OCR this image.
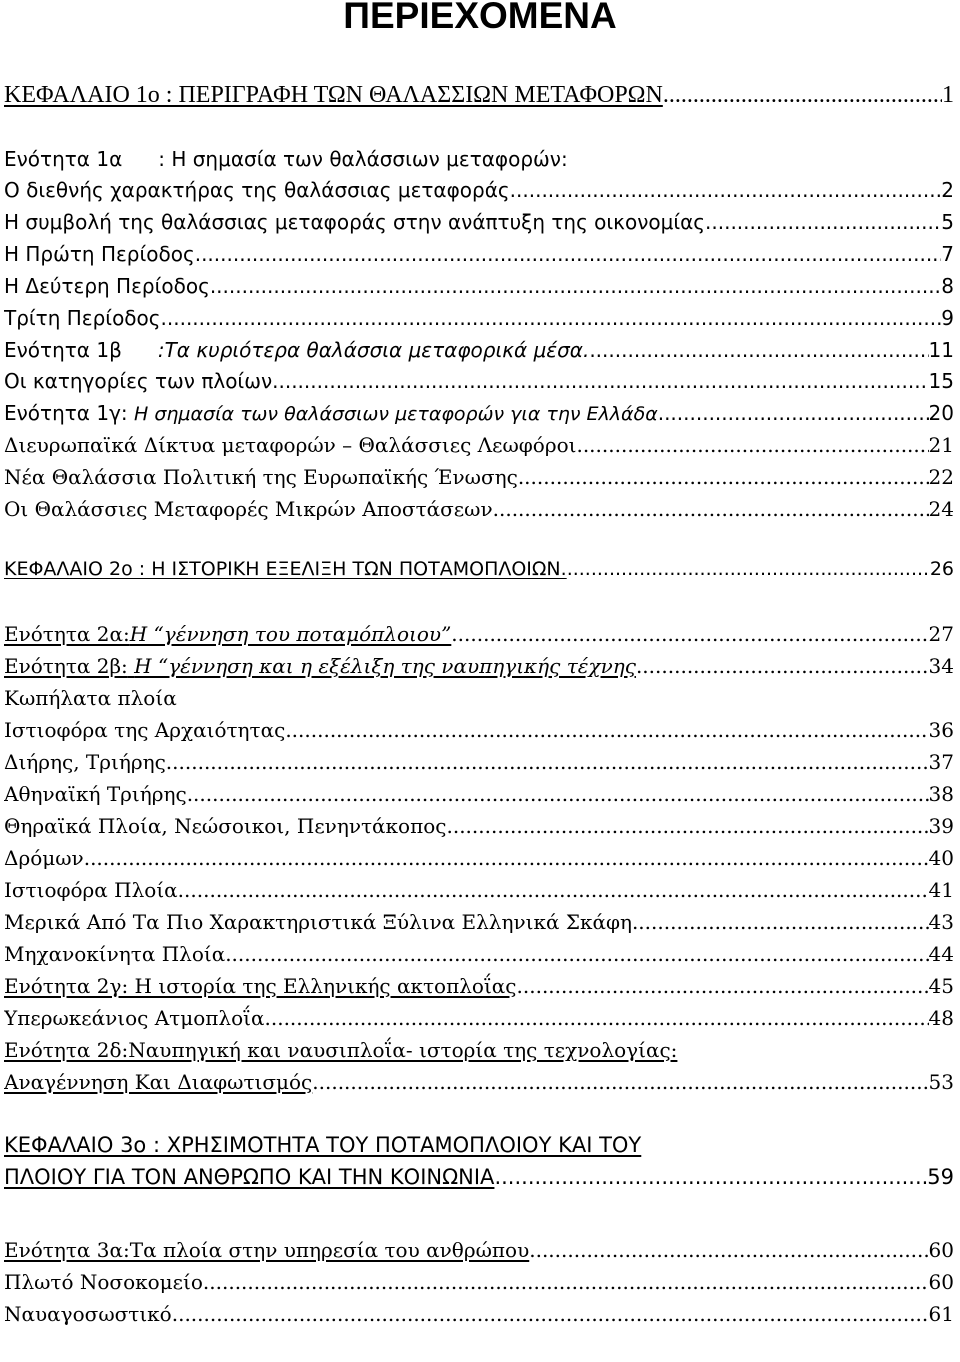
ΠΕΡΙΕΧΟΜΕΝΑ
ΚΕΦΑΛΑΙΟ 1ο : ΠΕΡΙΓΡΑΦΗ ΤΩΝ ΘΑΛΑΣΣΙΩΝ ΜΕΤΑΦΟΡΩΝ .....	1
Ενότητα 1α : Η σημασία των θαλάσσιων μεταφορών:
Ο διεθνής χαρακτήρας της θαλάσσιας μεταφοράς .....	2
Η συμβολή της θαλάσσιας μεταφοράς στην ανάπτυξη της οικονομίας .....	5
Η Πρώτη Περίοδος .....	7
Η Δεύτερη Περίοδος .....	8
Τρίτη Περίοδος .....	9
Ενότητα 1β :Τα κυριότερα θαλάσσια μεταφορικά μέσα. .....	11
Οι κατηγορίες των πλοίων .....	15
Ενότητα 1γ: Η σημασία των θαλάσσιων μεταφορών για την Ελλάδα .....	20
Διευρωπαϊκά Δίκτυα μεταφορών – Θαλάσσιες Λεωφόροι .....	21
Νέα Θαλάσσια Πολιτική της Ευρωπαϊκής Ένωσης .....	22
Οι Θαλάσσιες Μεταφορές Μικρών Αποστάσεων .....	24
ΚΕΦΑΛΑΙΟ 2ο : Η ΙΣΤΟΡΙΚΗ ΕΞΕΛΙΞΗ ΤΩΝ ΠΟΤΑΜΟΠΛΟΙΩΝ. .....	26
Ενότητα 2α:Η “γέννηση του ποταμόπλοιου” .....	27
Ενότητα 2β: Η “γέννηση και η εξέλιξη της ναυπηγικής τέχνης .....	34
Κωπήλατα πλοία
Ιστιοφόρα της Αρχαιότητας .....	36
Διήρης, Τριήρης .....	37
Αθηναϊκή Τριήρης .....	38
Θηραϊκά Πλοία, Νεώσοικοι, Πενηντάκοπος .....	39
Δρόμων .....	40
Ιστιοφόρα Πλοία .....	41
Μερικά Από Τα Πιο Χαρακτηριστικά Ξύλινα Ελληνικά Σκάφη .....	43
Μηχανοκίνητα Πλοία .....	44
Ενότητα 2γ: Η ιστορία της Ελληνικής ακτοπλοΐας .....	45
Υπερωκεάνιος Ατμοπλοΐα .....	48
Ενότητα 2δ:Ναυπηγική και ναυσιπλοΐα- ιστορία της τεχνολογίας:
Αναγέννηση Και Διαφωτισμός .....	53
ΚΕΦΑΛΑΙΟ 3ο : ΧΡΗΣΙΜΟΤΗΤΑ ΤΟΥ ΠΟΤΑΜΟΠΛΟΙΟΥ ΚΑΙ ΤΟΥ
ΠΛΟΙΟΥ ΓΙΑ ΤΟΝ ΑΝΘΡΩΠΟ ΚΑΙ ΤΗΝ ΚΟΙΝΩΝΙΑ .....	59
Ενότητα 3α:Τα πλοία στην υπηρεσία του ανθρώπου .....	60
Πλωτό Νοσοκομείο .....	60
Ναυαγοσωστικό .....	61
